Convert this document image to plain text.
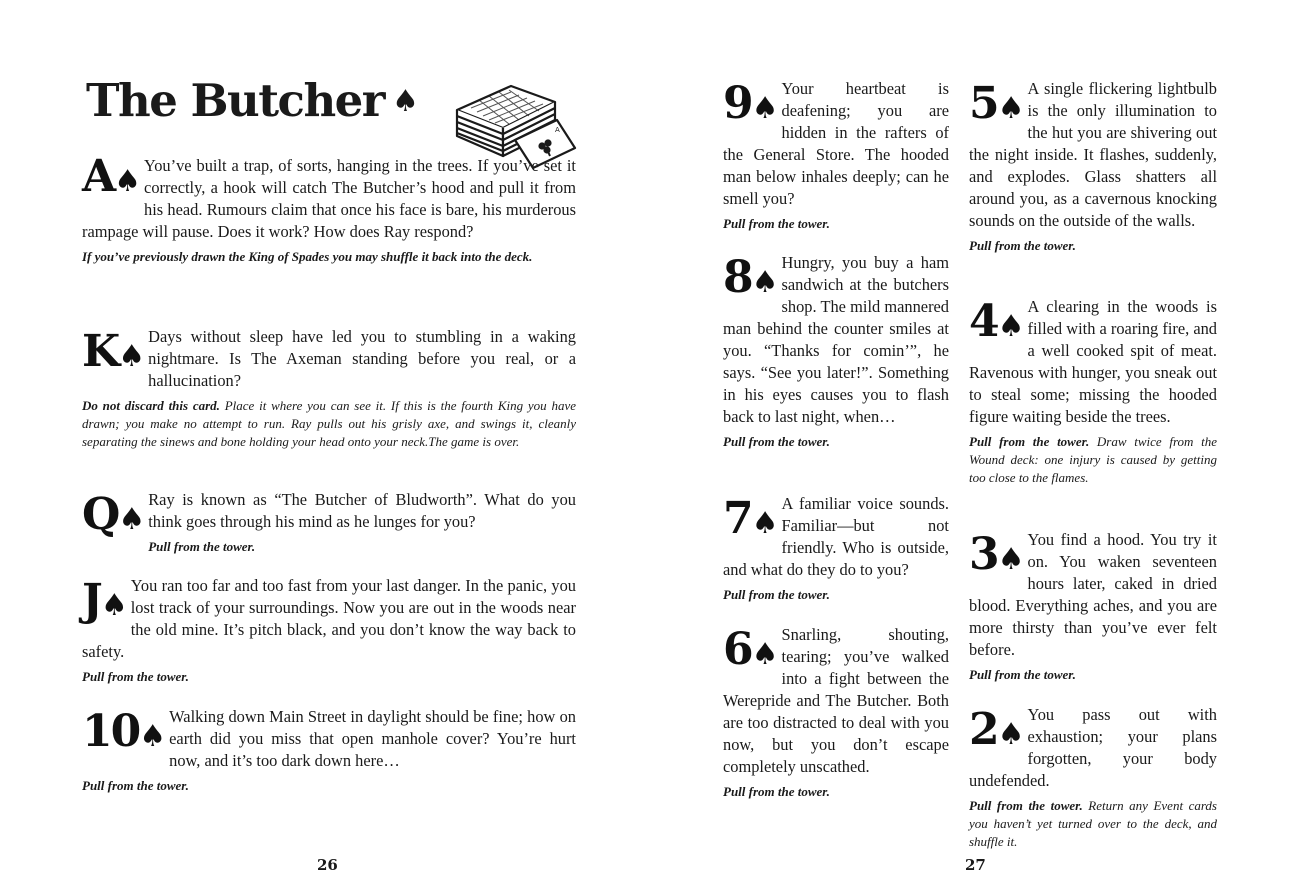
The Butcher ♠
A
A♠ You’ve built a trap, of sorts, hanging in the trees. If you’ve set it correctly, a hook will catch The Butcher’s hood and pull it from his head. Rumours claim that once his face is bare, his murderous rampage will pause. Does it work? How does Ray respond?
If you’ve previously drawn the King of Spades you may shuffle it back into the deck.
K♠
Days without sleep have led you to stumbling in a waking nightmare. Is The Axeman standing before you real, or a hallucination?
Do not discard this card. Place it where you can see it. If this is the fourth King you have drawn; you make no attempt to run. Ray pulls out his grisly axe, and swings it, cleanly separating the sinews and bone holding your head onto your neck.The game is over.
Q♠
Ray is known as “The Butcher of Bludworth”. What do you think goes through his mind as he lunges for you?
Pull from the tower.
J♠
You ran too far and too fast from your last danger. In the panic, you lost track of your surroundings. Now you are out in the woods near the old mine. It’s pitch black, and you don’t know the way back to safety.
Pull from the tower.
10♠
Walking down Main Street in daylight should be fine; how on earth did you miss that open manhole cover? You’re hurt now, and it’s too dark down here…
Pull from the tower.
26
9♠
Your heartbeat is deafening; you are hidden in the rafters of the General Store. The hooded man below inhales deeply; can he smell you?
Pull from the tower.
8♠
Hungry, you buy a ham sandwich at the butchers shop. The mild mannered man behind the counter smiles at you. “Thanks for comin’”, he says. “See you later!”. Something in his eyes causes you to flash back to last night, when…
Pull from the tower.
7♠
A familiar voice sounds. Familiar—but not friendly. Who is outside, and what do they do to you?
Pull from the tower.
6♠
Snarling, shouting, tearing; you’ve walked into a fight between the Werepride and The Butcher. Both are too distracted to deal with you now, but you don’t escape completely unscathed.
Pull from the tower.
5♠
A single flickering lightbulb is the only illumination to the hut you are shivering out the night inside. It flashes, suddenly, and explodes. Glass shatters all around you, as a cavernous knocking sounds on the outside of the walls.
Pull from the tower.
4♠
A clearing in the woods is filled with a roaring fire, and a well cooked spit of meat. Ravenous with hunger, you sneak out to steal some; missing the hooded figure waiting beside the trees.
Pull from the tower. Draw twice from the Wound deck: one injury is caused by getting too close to the flames.
3♠
You find a hood. You try it on. You waken seventeen hours later, caked in dried blood. Everything aches, and you are more thirsty than you’ve ever felt before.
Pull from the tower.
2♠
You pass out with exhaustion; your plans forgotten, your body undefended.
Pull from the tower. Return any Event cards you haven’t yet turned over to the deck, and shuffle it.
27
